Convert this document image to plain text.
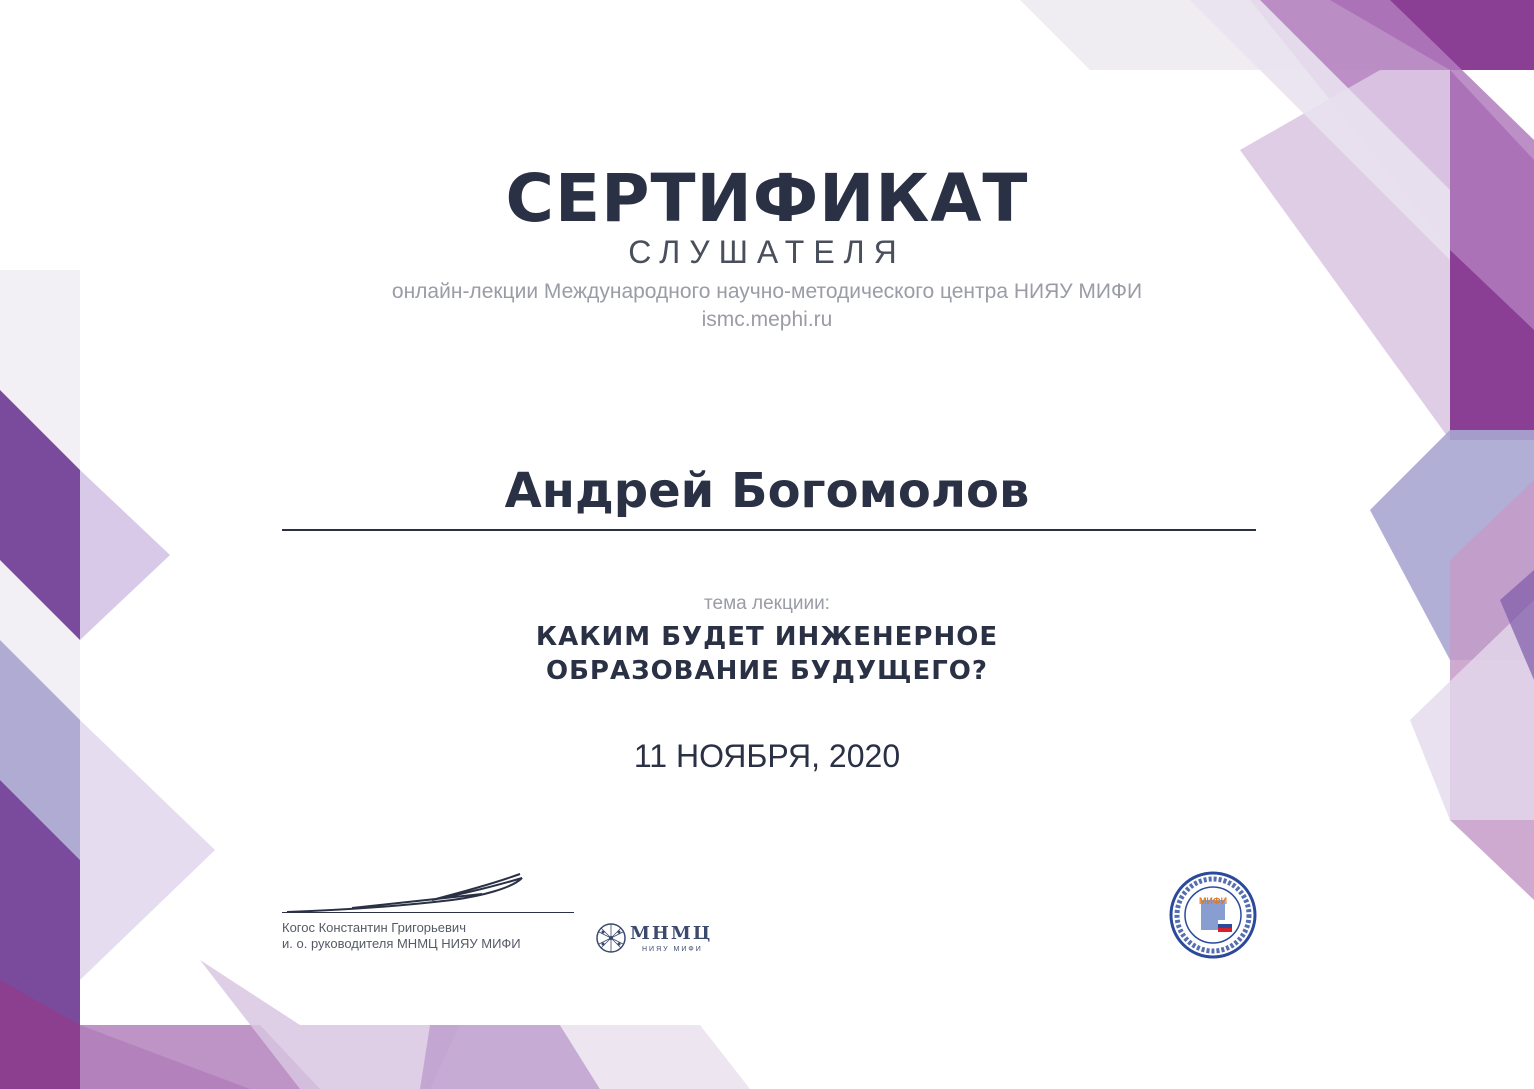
СЕРТИФИКАТ
СЛУШАТЕЛЯ
онлайн-лекции Международного научно-методического центра НИЯУ МИФИ
ismc.mephi.ru
Андрей Богомолов
тема лекциии:
КАКИМ БУДЕТ ИНЖЕНЕРНОЕ
ОБРАЗОВАНИЕ БУДУЩЕГО?
11 НОЯБРЯ, 2020
Когос Константин Григорьевич
и. о. руководителя МНМЦ НИЯУ МИФИ	МНМЦ
НИЯУ МИФИ
МИФИ
